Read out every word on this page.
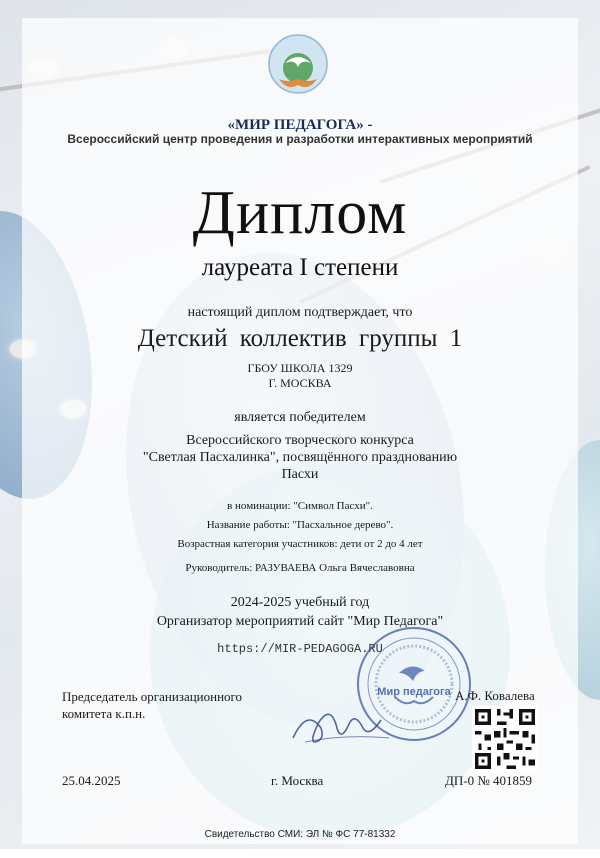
«МИР ПЕДАГОГА» -
Всероссийский центр проведения и разработки интерактивных мероприятий
Диплом
лауреата I степени
настоящий диплом подтверждает, что
Детский коллектив группы 1
ГБОУ ШКОЛА 1329
Г. МОСКВА
является победителем
Всероссийского творческого конкурса
"Светлая Пасхалинка", посвящённого празднованию
Пасхи
в номинации: "Символ Пасхи".
Название работы: "Пасхальное дерево".
Возрастная категория участников: дети от 2 до 4 лет
Руководитель: РАЗУВАЕВА Ольга Вячеславовна
2024-2025 учебный год
Организатор мероприятий сайт "Мир Педагога"
https://MIR-PEDAGOGA.RU
Мир педагога
Председатель организационного
комитета к.п.н.
А.Ф. Ковалева
25.04.2025	г. Москва	ДП-0 № 401859
Свидетельство СМИ: ЭЛ № ФС 77-81332
